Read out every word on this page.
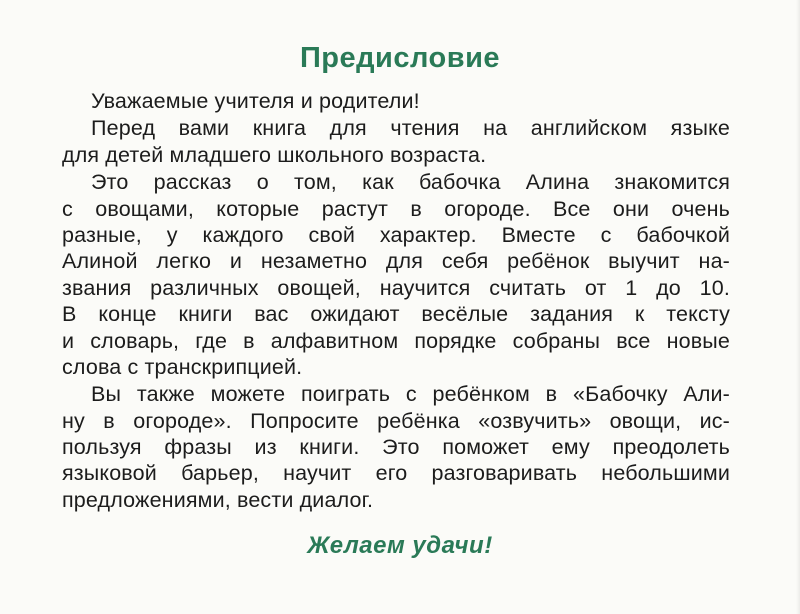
Предисловие
Уважаемые учителя и родители!
Перед вами книга для чтения на английском языке
для детей младшего школьного возраста.
Это рассказ о том, как бабочка Алина знакомится
с овощами, которые растут в огороде. Все они очень
разные, у каждого свой характер. Вместе с бабочкой
Алиной легко и незаметно для себя ребёнок выучит на-
звания различных овощей, научится считать от 1 до 10.
В конце книги вас ожидают весёлые задания к тексту
и словарь, где в алфавитном порядке собраны все новые
слова с транскрипцией.
Вы также можете поиграть с ребёнком в «Бабочку Али-
ну в огороде». Попросите ребёнка «озвучить» овощи, ис-
пользуя фразы из книги. Это поможет ему преодолеть
языковой барьер, научит его разговаривать небольшими
предложениями, вести диалог.

Желаем удачи!
